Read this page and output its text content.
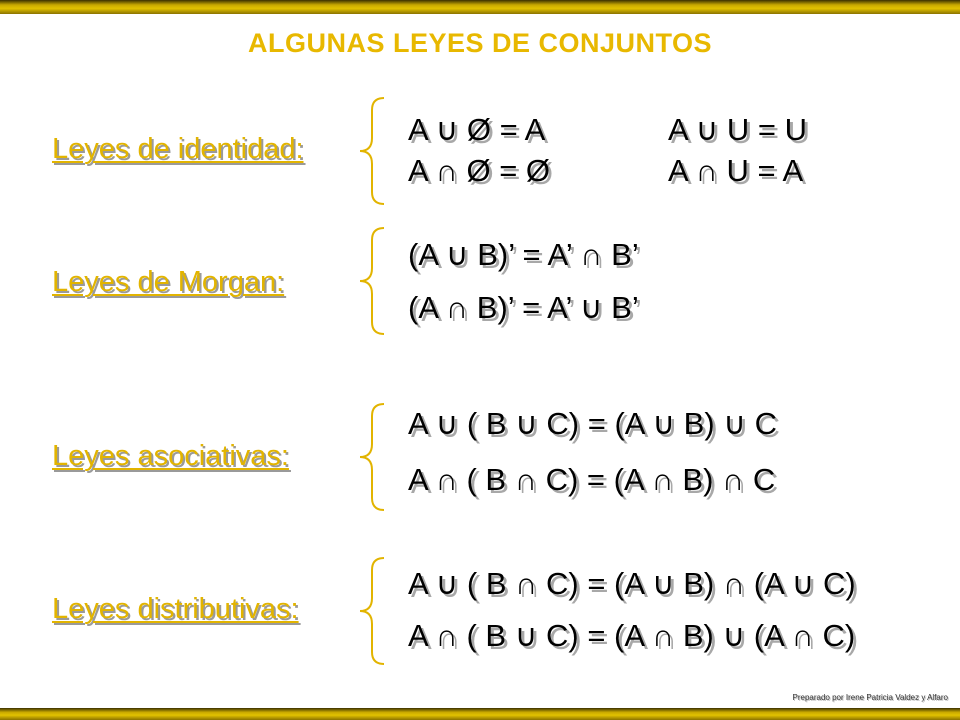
ALGUNAS LEYES DE CONJUNTOS
Leyes de identidad:
A ∪ Ø = A
A ∩ Ø = Ø
A ∪ U = U
A ∩ U = A
Leyes de Morgan:
(A ∪ B)’ = A’ ∩ B’
(A ∩ B)’ = A’ ∪ B’
Leyes asociativas:
A ∪ ( B ∪ C) = (A ∪ B) ∪ C
A ∩ ( B ∩ C) = (A ∩ B) ∩ C
Leyes distributivas:
A ∪ ( B ∩ C) = (A ∪ B) ∩ (A ∪ C)
A ∩ ( B ∪ C) = (A ∩ B) ∪ (A ∩ C)
Preparado por Irene Patricia Valdez y Alfaro
